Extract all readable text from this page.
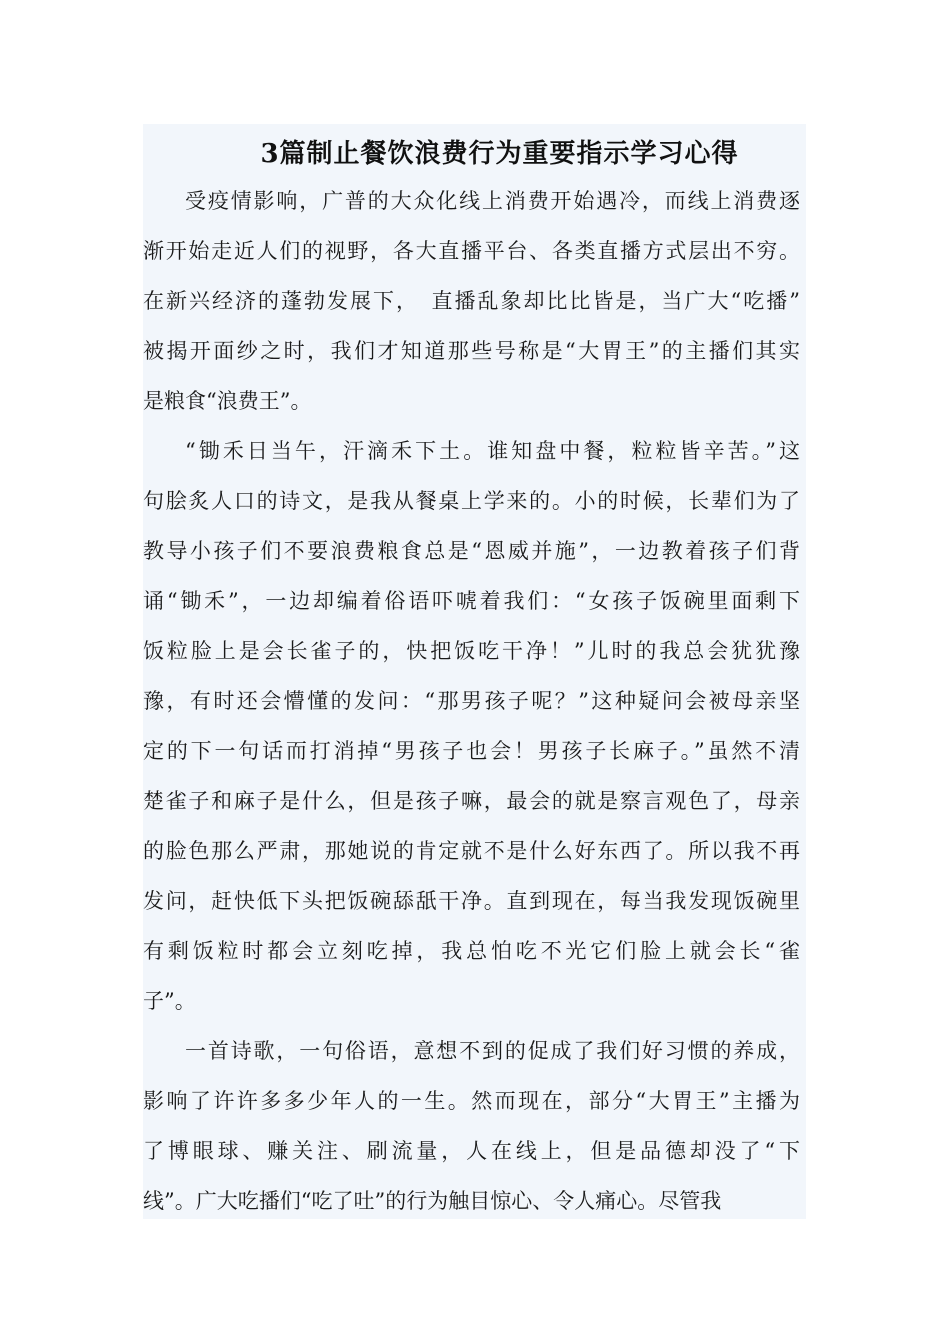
3篇制止餐饮浪费行为重要指示学习心得

受疫情影响，广普的大众化线上消费开始遇冷，而线上消费逐
渐开始走近人们的视野，各大直播平台、各类直播方式层出不穷。
在新兴经济的蓬勃发展下，　直播乱象却比比皆是，当广大“吃播”
被揭开面纱之时，我们才知道那些号称是“大胃王”的主播们其实
是粮食“浪费王”。

“锄禾日当午，汗滴禾下土。谁知盘中餐，粒粒皆辛苦。”这
句脍炙人口的诗文，是我从餐桌上学来的。小的时候，长辈们为了
教导小孩子们不要浪费粮食总是“恩威并施”，一边教着孩子们背
诵“锄禾”，一边却编着俗语吓唬着我们：“女孩子饭碗里面剩下
饭粒脸上是会长雀子的，快把饭吃干净！”儿时的我总会犹犹豫
豫，有时还会懵懂的发问：“那男孩子呢？”这种疑问会被母亲坚
定的下一句话而打消掉“男孩子也会！男孩子长麻子。”虽然不清
楚雀子和麻子是什么，但是孩子嘛，最会的就是察言观色了，母亲
的脸色那么严肃，那她说的肯定就不是什么好东西了。所以我不再
发问，赶快低下头把饭碗舔舐干净。直到现在，每当我发现饭碗里
有剩饭粒时都会立刻吃掉，我总怕吃不光它们脸上就会长“雀
子”。

一首诗歌，一句俗语，意想不到的促成了我们好习惯的养成，
影响了许许多多少年人的一生。然而现在，部分“大胃王”主播为
了博眼球、赚关注、刷流量，人在线上，但是品德却没了“下
线”。广大吃播们“吃了吐”的行为触目惊心、令人痛心。尽管我
